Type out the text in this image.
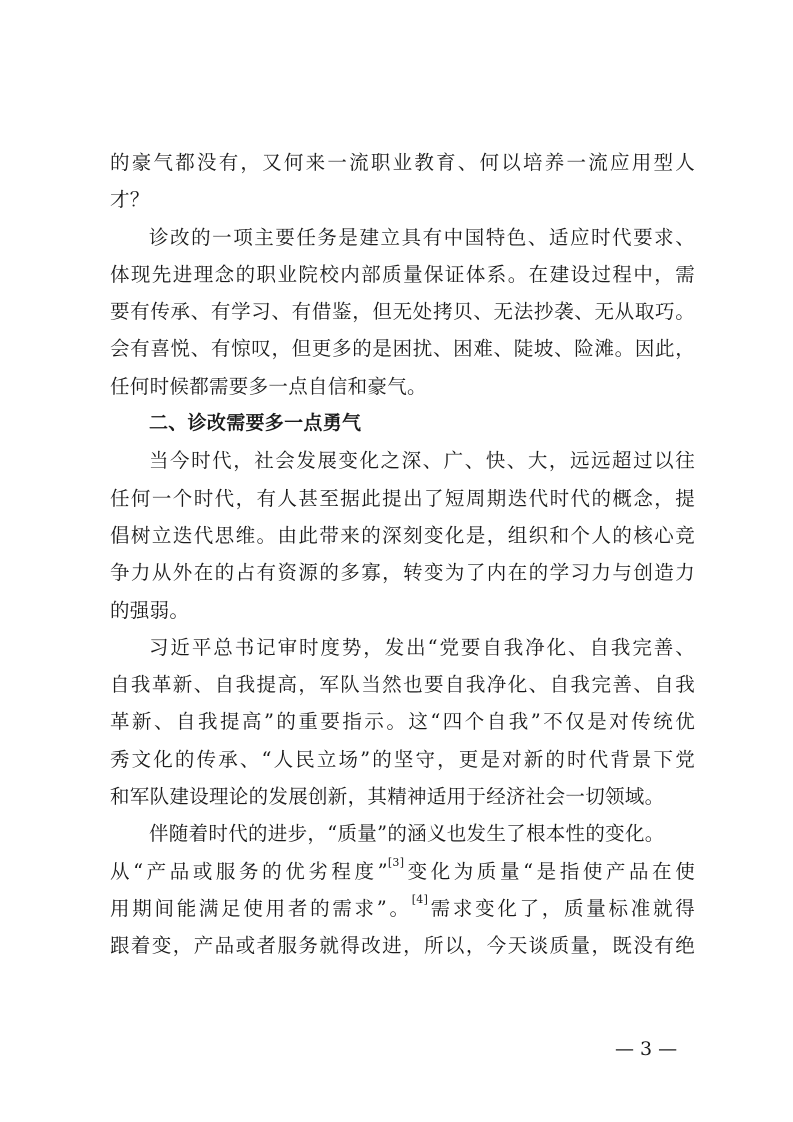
的豪气都没有，又何来一流职业教育、何以培养一流应用型人
才？
诊改的一项主要任务是建立具有中国特色、适应时代要求、
体现先进理念的职业院校内部质量保证体系。在建设过程中，需
要有传承、有学习、有借鉴，但无处拷贝、无法抄袭、无从取巧。
会有喜悦、有惊叹，但更多的是困扰、困难、陡坡、险滩。因此，
任何时候都需要多一点自信和豪气。
二、诊改需要多一点勇气
当今时代，社会发展变化之深、广、快、大，远远超过以往
任何一个时代，有人甚至据此提出了短周期迭代时代的概念，提
倡树立迭代思维。由此带来的深刻变化是，组织和个人的核心竞
争力从外在的占有资源的多寡，转变为了内在的学习力与创造力
的强弱。
习近平总书记审时度势，发出“党要自我净化、自我完善、
自我革新、自我提高，军队当然也要自我净化、自我完善、自我
革新、自我提高”的重要指示。这“四个自我”不仅是对传统优
秀文化的传承、“人民立场”的坚守，更是对新的时代背景下党
和军队建设理论的发展创新，其精神适用于经济社会一切领域。
伴随着时代的进步，“质量”的涵义也发生了根本性的变化。
从“产品或服务的优劣程度”[3]变化为质量“是指使产品在使
用期间能满足使用者的需求”。[4]需求变化了，质量标准就得
跟着变，产品或者服务就得改进，所以，今天谈质量，既没有绝
— 3 —
